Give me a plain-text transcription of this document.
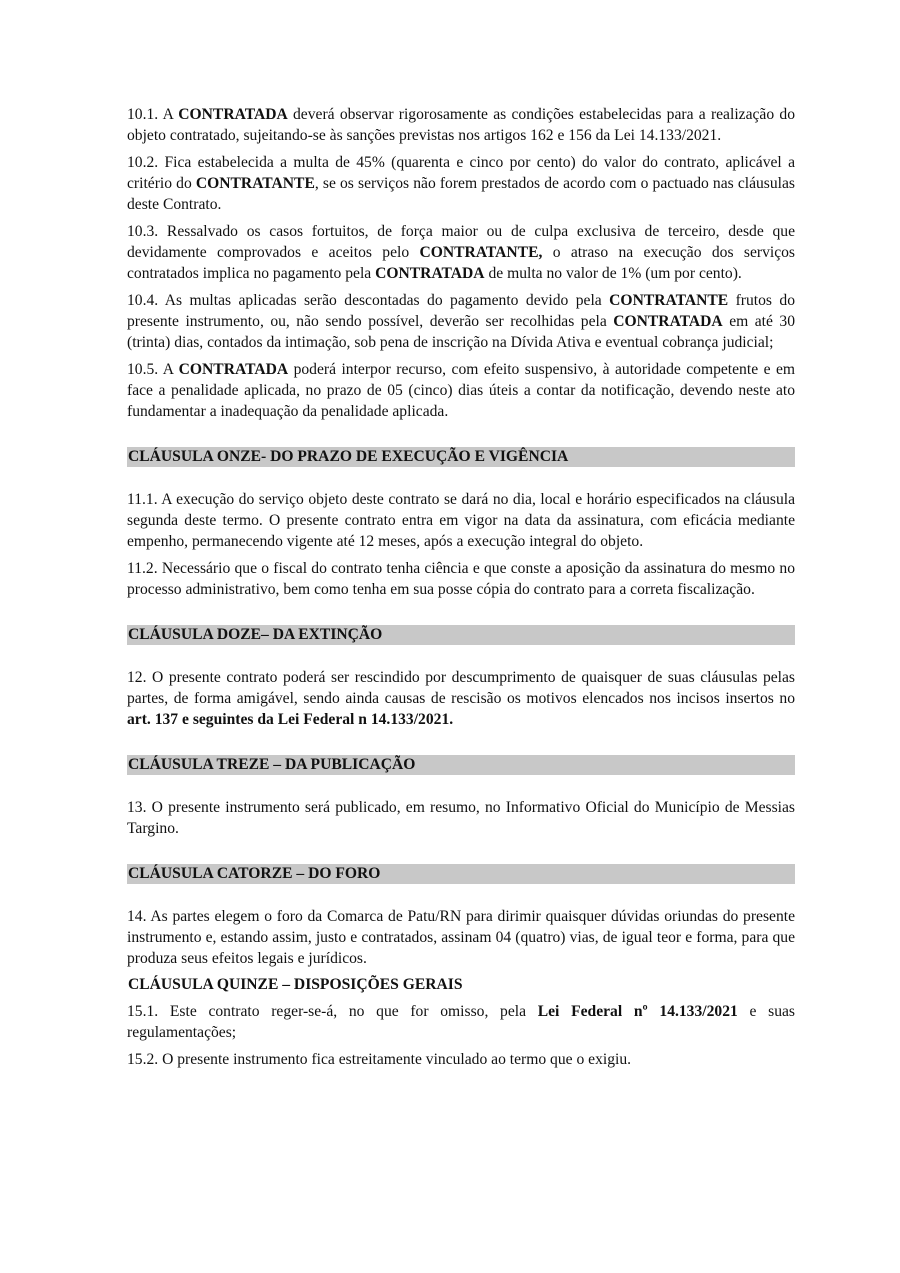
10.1. A CONTRATADA deverá observar rigorosamente as condições estabelecidas para a realização do objeto contratado, sujeitando-se às sanções previstas nos artigos 162 e 156 da Lei 14.133/2021.

10.2. Fica estabelecida a multa de 45% (quarenta e cinco por cento) do valor do contrato, aplicável a critério do CONTRATANTE, se os serviços não forem prestados de acordo com o pactuado nas cláusulas deste Contrato.

10.3. Ressalvado os casos fortuitos, de força maior ou de culpa exclusiva de terceiro, desde que devidamente comprovados e aceitos pelo CONTRATANTE, o atraso na execução dos serviços contratados implica no pagamento pela CONTRATADA de multa no valor de 1% (um por cento).

10.4. As multas aplicadas serão descontadas do pagamento devido pela CONTRATANTE frutos do presente instrumento, ou, não sendo possível, deverão ser recolhidas pela CONTRATADA em até 30 (trinta) dias, contados da intimação, sob pena de inscrição na Dívida Ativa e eventual cobrança judicial;

10.5. A CONTRATADA poderá interpor recurso, com efeito suspensivo, à autoridade competente e em face a penalidade aplicada, no prazo de 05 (cinco) dias úteis a contar da notificação, devendo neste ato fundamentar a inadequação da penalidade aplicada.

CLÁUSULA ONZE- DO PRAZO DE EXECUÇÃO E VIGÊNCIA

11.1. A execução do serviço objeto deste contrato se dará no dia, local e horário especificados na cláusula segunda deste termo. O presente contrato entra em vigor na data da assinatura, com eficácia mediante empenho, permanecendo vigente até 12 meses, após a execução integral do objeto.

11.2. Necessário que o fiscal do contrato tenha ciência e que conste a aposição da assinatura do mesmo no processo administrativo, bem como tenha em sua posse cópia do contrato para a correta fiscalização.

CLÁUSULA DOZE– DA EXTINÇÃO

12. O presente contrato poderá ser rescindido por descumprimento de quaisquer de suas cláusulas pelas partes, de forma amigável, sendo ainda causas de rescisão os motivos elencados nos incisos insertos no art. 137 e seguintes da Lei Federal n 14.133/2021.

CLÁUSULA TREZE – DA PUBLICAÇÃO

13. O presente instrumento será publicado, em resumo, no Informativo Oficial do Município de Messias Targino.

CLÁUSULA CATORZE – DO FORO

14. As partes elegem o foro da Comarca de Patu/RN para dirimir quaisquer dúvidas oriundas do presente instrumento e, estando assim, justo e contratados, assinam 04 (quatro) vias, de igual teor e forma, para que produza seus efeitos legais e jurídicos.

CLÁUSULA QUINZE – DISPOSIÇÕES GERAIS

15.1. Este contrato reger-se-á, no que for omisso, pela Lei Federal nº 14.133/2021 e suas regulamentações;

15.2. O presente instrumento fica estreitamente vinculado ao termo que o exigiu.
